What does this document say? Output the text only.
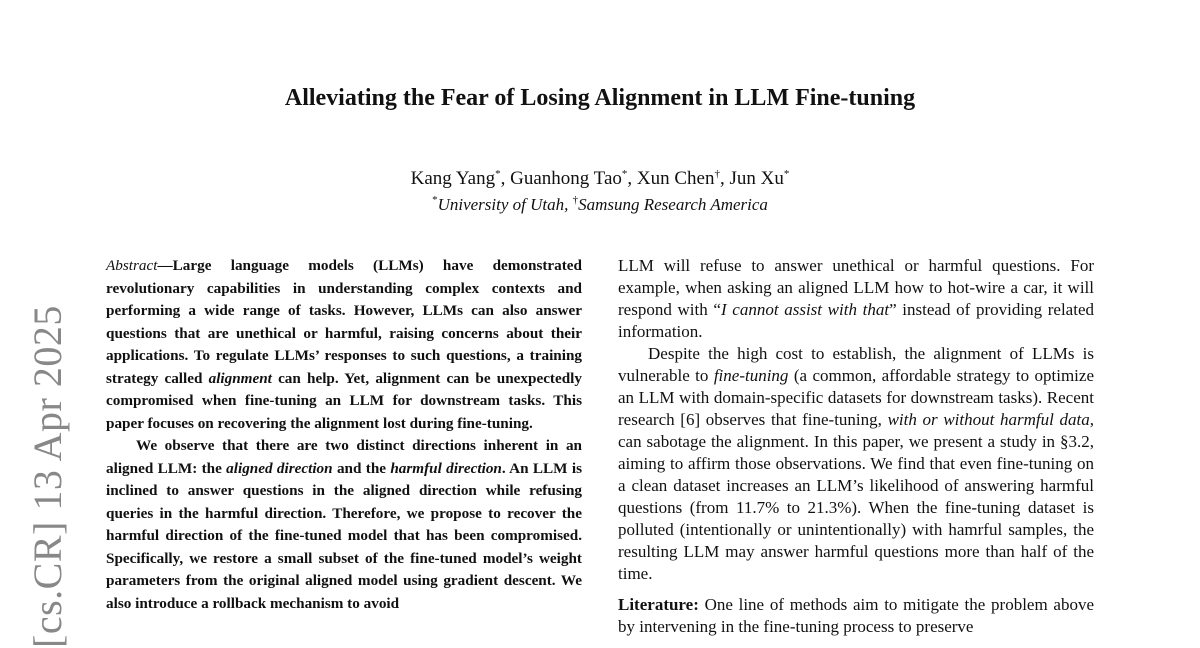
[cs.CR] 13 Apr 2025
Alleviating the Fear of Losing Alignment in LLM Fine-tuning
Kang Yang*, Guanhong Tao*, Xun Chen†, Jun Xu*
*University of Utah, †Samsung Research America

Abstract—Large language models (LLMs) have demonstrated revolutionary capabilities in understanding complex contexts and performing a wide range of tasks. However, LLMs can also answer questions that are unethical or harmful, raising concerns about their applications. To regulate LLMs’ responses to such questions, a training strategy called alignment can help. Yet, alignment can be unexpectedly compromised when fine-tuning an LLM for downstream tasks. This paper focuses on recovering the alignment lost during fine-tuning.

We observe that there are two distinct directions inherent in an aligned LLM: the aligned direction and the harmful direction. An LLM is inclined to answer questions in the aligned direction while refusing queries in the harmful direction. Therefore, we propose to recover the harmful direction of the fine-tuned model that has been compromised. Specifically, we restore a small subset of the fine-tuned model’s weight parameters from the original aligned model using gradient descent. We also introduce a rollback mechanism to avoid

LLM will refuse to answer unethical or harmful questions. For example, when asking an aligned LLM how to hot-wire a car, it will respond with “I cannot assist with that” instead of providing related information.

Despite the high cost to establish, the alignment of LLMs is vulnerable to fine-tuning (a common, affordable strategy to optimize an LLM with domain-specific datasets for downstream tasks). Recent research [6] observes that fine-tuning, with or without harmful data, can sabotage the alignment. In this paper, we present a study in §3.2, aiming to affirm those observations. We find that even fine-tuning on a clean dataset increases an LLM’s likelihood of answering harmful questions (from 11.7% to 21.3%). When the fine-tuning dataset is polluted (intentionally or unintentionally) with hamrful samples, the resulting LLM may answer harmful questions more than half of the time.

Literature: One line of methods aim to mitigate the problem above by intervening in the fine-tuning process to preserve
